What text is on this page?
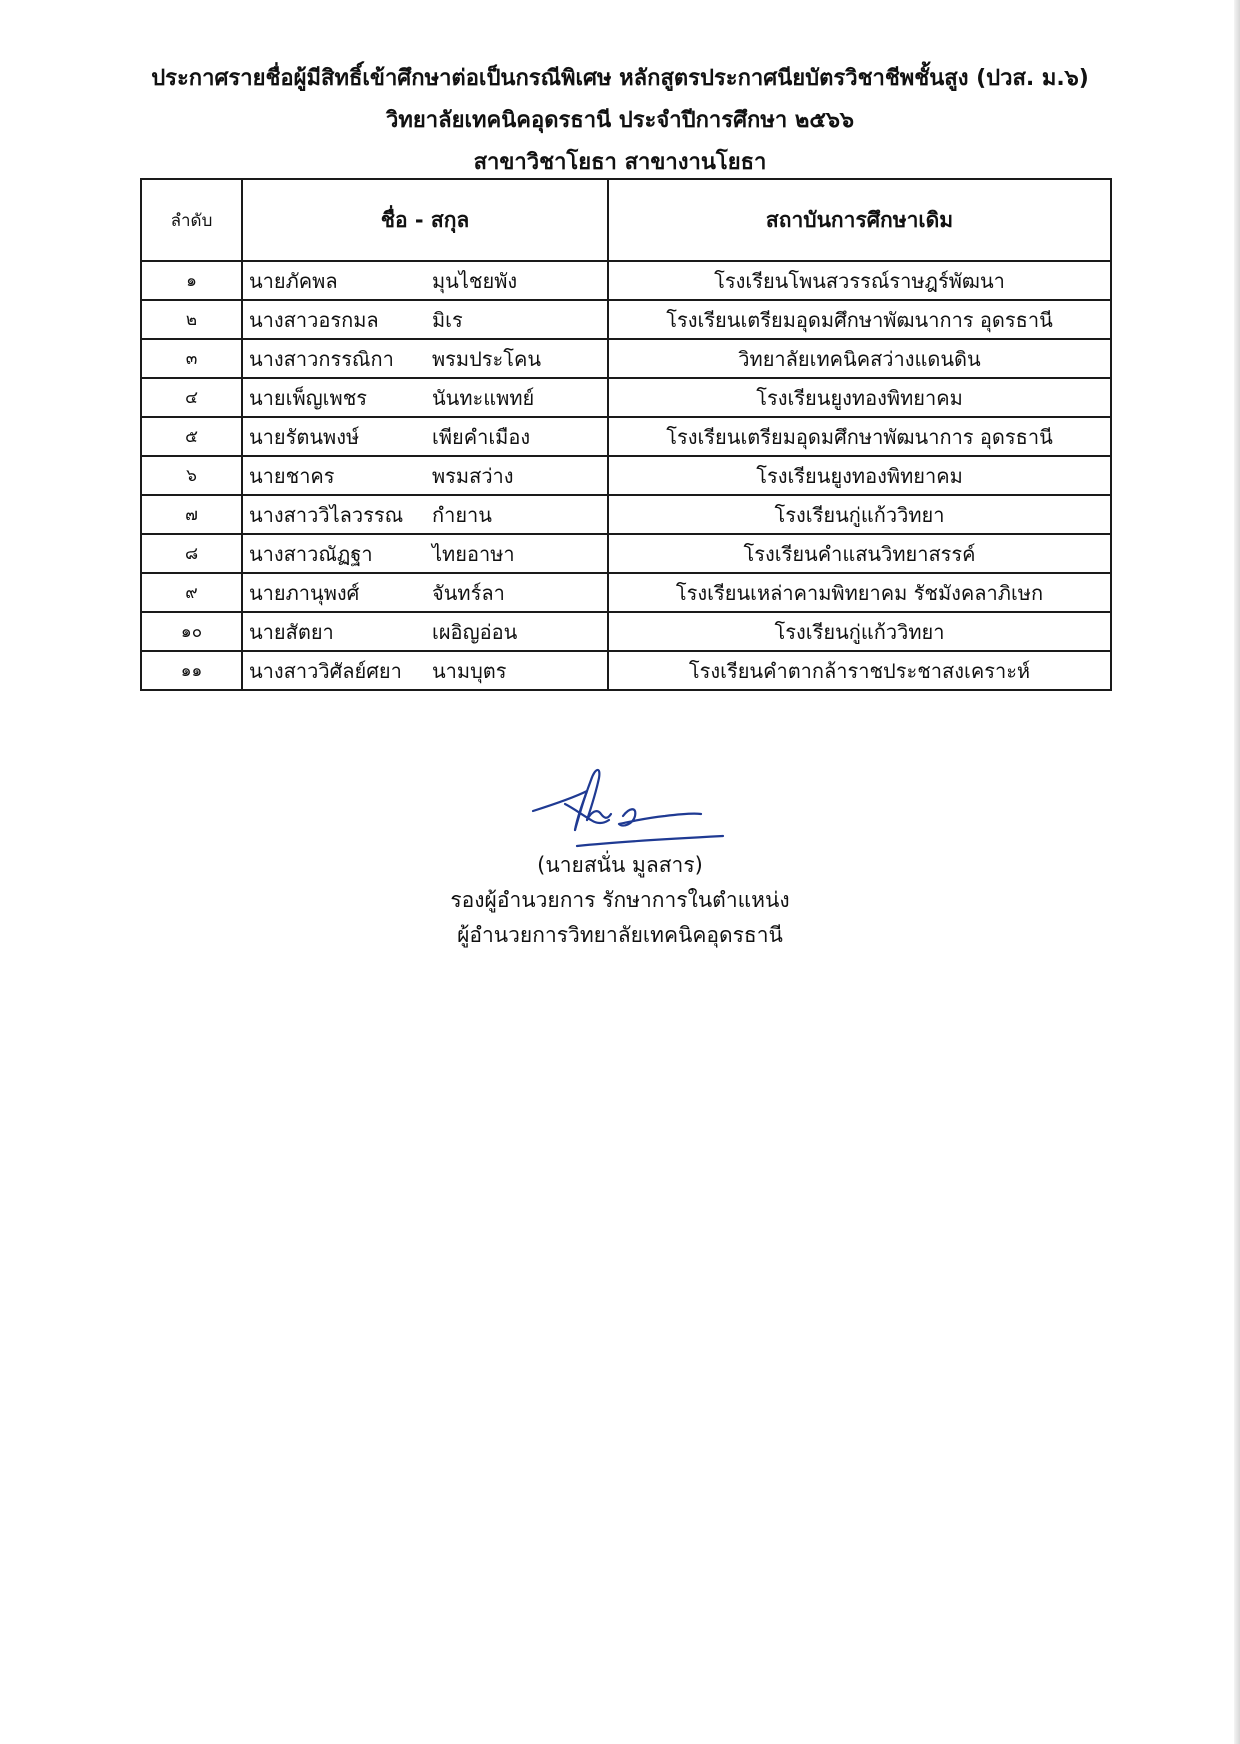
ประกาศรายชื่อผู้มีสิทธิ์เข้าศึกษาต่อเป็นกรณีพิเศษ หลักสูตรประกาศนียบัตรวิชาชีพชั้นสูง (ปวส. ม.๖)
วิทยาลัยเทคนิคอุดรธานี ประจำปีการศึกษา ๒๕๖๖
สาขาวิชาโยธา สาขางานโยธา
ลำดับ	ชื่อ - สกุล	สถาบันการศึกษาเดิม
๑	นายภัคพล มุนไชยพัง	โรงเรียนโพนสวรรณ์ราษฎร์พัฒนา
๒	นางสาวอรกมล มิเร	โรงเรียนเตรียมอุดมศึกษาพัฒนาการ อุดรธานี
๓	นางสาวกรรณิกา พรมประโคน	วิทยาลัยเทคนิคสว่างแดนดิน
๔	นายเพ็ญเพชร นันทะแพทย์	โรงเรียนยูงทองพิทยาคม
๕	นายรัตนพงษ์ เพียคำเมือง	โรงเรียนเตรียมอุดมศึกษาพัฒนาการ อุดรธานี
๖	นายชาคร พรมสว่าง	โรงเรียนยูงทองพิทยาคม
๗	นางสาววิไลวรรณ กำยาน	โรงเรียนกู่แก้ววิทยา
๘	นางสาวณัฏฐา ไทยอาษา	โรงเรียนคำแสนวิทยาสรรค์
๙	นายภานุพงศ์ จันทร์ลา	โรงเรียนเหล่าคามพิทยาคม รัชมังคลาภิเษก
๑๐	นายสัตยา เผอิญอ่อน	โรงเรียนกู่แก้ววิทยา
๑๑	นางสาววิศัลย์ศยา นามบุตร	โรงเรียนคำตากล้าราชประชาสงเคราะห์
(นายสนั่น มูลสาร)
รองผู้อำนวยการ รักษาการในตำแหน่ง
ผู้อำนวยการวิทยาลัยเทคนิคอุดรธานี
